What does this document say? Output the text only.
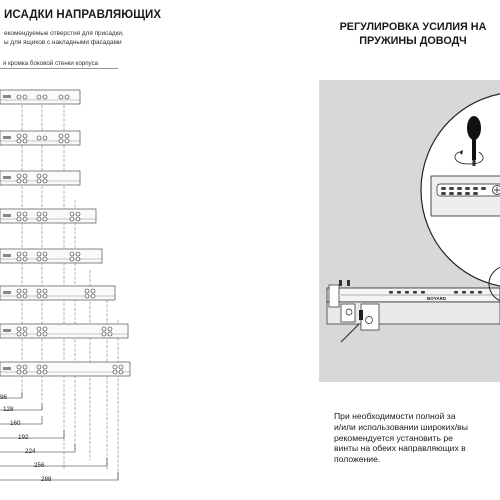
ИСАДКИ НАПРАВЛЯЮЩИХ
екомендуемые отверстия для присадки,
ы для ящиков с накладными фасадами
я кромка боковой стенки корпуса
96
128
160
192
224
256
288
РЕГУЛИРОВКА УСИЛИЯ НА
ПРУЖИНЫ ДОВОДЧ
BOYARD
При необходимости полной за
и/или использовании широких/вы
рекомендуется установить ре
винты на обеих направляющих в
положение.
